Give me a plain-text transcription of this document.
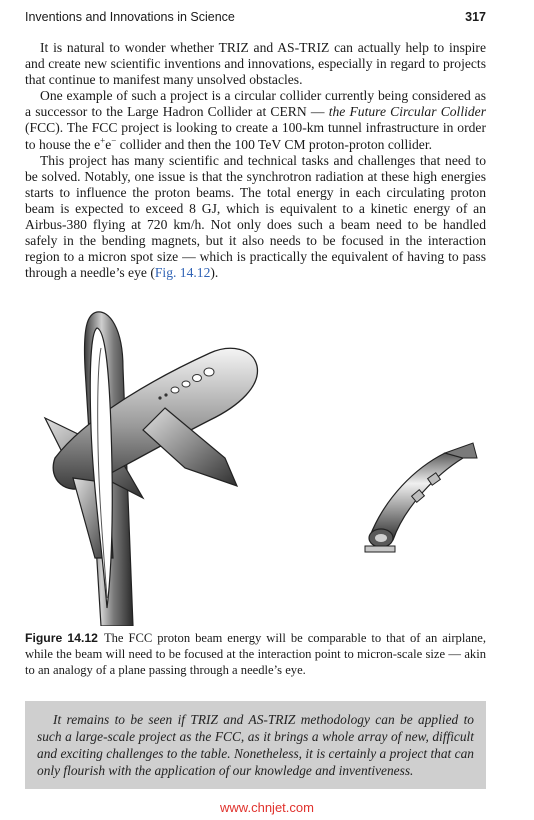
Inventions and Innovations in Science	317

It is natural to wonder whether TRIZ and AS-TRIZ can actually help to inspire and create new scientific inventions and innovations, especially in regard to projects that continue to manifest many unsolved obstacles.

One example of such a project is a circular collider currently being considered as a successor to the Large Hadron Collider at CERN — the Future Circular Collider (FCC). The FCC project is looking to create a 100-km tunnel infrastructure in order to house the e+e− collider and then the 100 TeV CM proton-proton collider.

This project has many scientific and technical tasks and challenges that need to be solved. Notably, one issue is that the synchrotron radiation at these high energies starts to influence the proton beams. The total energy in each circulating proton beam is expected to exceed 8 GJ, which is equivalent to a kinetic energy of an Airbus-380 flying at 720 km/h. Not only does such a beam need to be handled safely in the bending magnets, but it also needs to be focused in the interaction region to a micron spot size — which is practically the equivalent of having to pass through a needle’s eye (Fig. 14.12).

Figure 14.12 The FCC proton beam energy will be comparable to that of an airplane, while the beam will need to be focused at the interaction point to micron-scale size — akin to an analogy of a plane passing through a needle’s eye.
It remains to be seen if TRIZ and AS-TRIZ methodology can be applied to such a large-scale project as the FCC, as it brings a whole array of new, difficult and exciting challenges to the table. Nonetheless, it is certainly a project that can only flourish with the application of our knowledge and inventiveness.
www.chnjet.com
